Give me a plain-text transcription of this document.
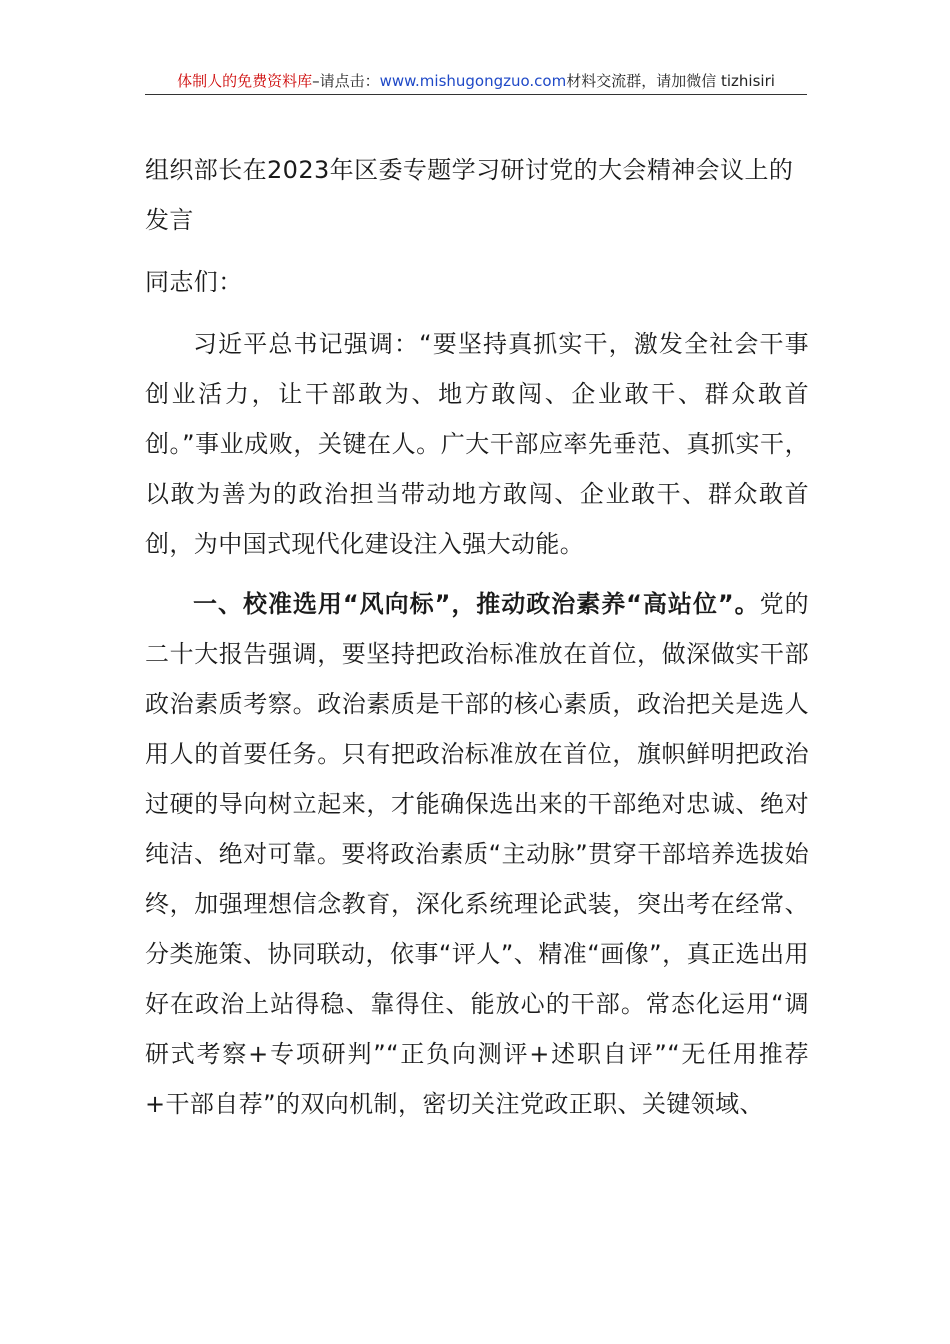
体制人的免费资料库–请点击：www.mishugongzuo.com材料交流群，请加微信 tizhisiri
组织部长在2023年区委专题学习研讨党的大会精神会议上的发言

同志们：

习近平总书记强调：“要坚持真抓实干，激发全社会干事创业活力，让干部敢为、地方敢闯、企业敢干、群众敢首创。”事业成败，关键在人。广大干部应率先垂范、真抓实干，以敢为善为的政治担当带动地方敢闯、企业敢干、群众敢首创，为中国式现代化建设注入强大动能。

一、校准选用“风向标”，推动政治素养“高站位”。党的二十大报告强调，要坚持把政治标准放在首位，做深做实干部政治素质考察。政治素质是干部的核心素质，政治把关是选人用人的首要任务。只有把政治标准放在首位，旗帜鲜明把政治过硬的导向树立起来，才能确保选出来的干部绝对忠诚、绝对纯洁、绝对可靠。要将政治素质“主动脉”贯穿干部培养选拔始终，加强理想信念教育，深化系统理论武装，突出考在经常、分类施策、协同联动，依事“评人”、精准“画像”，真正选出用好在政治上站得稳、靠得住、能放心的干部。常态化运用“调研式考察+专项研判”“正负向测评+述职自评”“无任用推荐+干部自荐”的双向机制，密切关注党政正职、关键领域、
